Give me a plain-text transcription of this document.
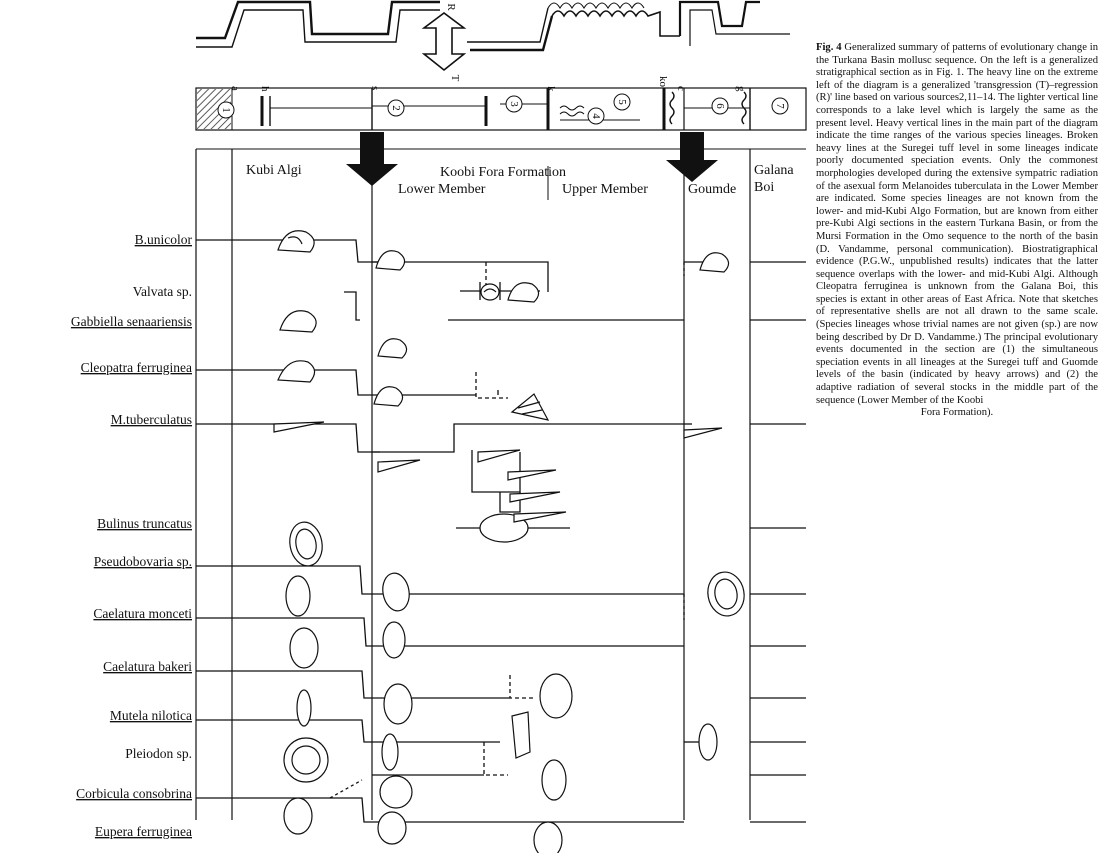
R
T
1	2
3
4
5
6	7
a h	s	k
ko
c	g
Kubi Algi	Koobi Fora Formation
Lower Member	Upper Member	Goumde
Galana
Boi
B.unicolor
Valvata sp.
Gabbiella senaariensis
Cleopatra ferruginea
M.tuberculatus
Bulinus truncatus
Pseudobovaria sp.
Caelatura monceti
Caelatura bakeri
Mutela nilotica
Pleiodon sp.
Corbicula consobrina
Eupera ferruginea
Fig. 4 Generalized summary of patterns of evolutionary change in the Turkana Basin mollusc sequence. On the left is a generalized stratigraphical section as in Fig. 1. The heavy line on the extreme left of the diagram is a generalized 'transgression (T)–regression (R)' line based on various sources2,11–14. The lighter vertical line corresponds to a lake level which is largely the same as the present level. Heavy vertical lines in the main part of the diagram indicate the time ranges of the various species lineages. Broken heavy lines at the Suregei tuff level in some lineages indicate poorly documented speciation events. Only the commonest morphologies developed during the extensive sympatric radiation of the asexual form Melanoides tuberculata in the Lower Member are indicated. Some species lineages are not known from the lower- and mid-Kubi Algo Formation, but are known from either pre-Kubi Algi sections in the eastern Turkana Basin, or from the Mursi Formation in the Omo sequence to the north of the basin (D. Vandamme, personal communication). Biostratigraphical evidence (P.G.W., unpublished results) indicates that the latter sequence overlaps with the lower- and mid-Kubi Algi. Although Cleopatra ferruginea is unknown from the Galana Boi, this species is extant in other areas of East Africa. Note that sketches of representative shells are not all drawn to the same scale. (Species lineages whose trivial names are not given (sp.) are now being described by Dr D. Vandamme.) The principal evolutionary events documented in the section are (1) the simultaneous speciation events in all lineages at the Suregei tuff and Guomde levels of the basin (indicated by heavy arrows) and (2) the adaptive radiation of several stocks in the middle part of the sequence (Lower Member of the Koobi
Fora Formation).
